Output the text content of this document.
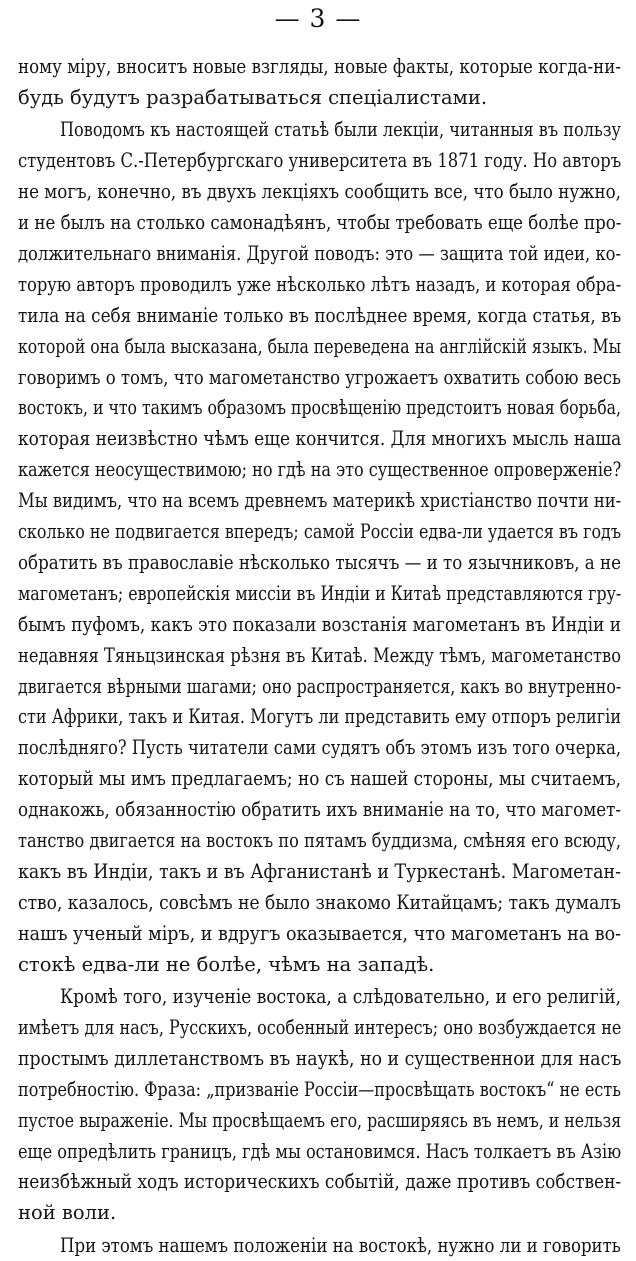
— 3 —
ному міру, вноситъ новые взгляды, новые факты, которые когда-ни-
будь будутъ разрабатываться спеціалистами.
Поводомъ къ настоящей статьѣ были лекціи, читанныя въ пользу
студентовъ С.-Петербургскаго университета въ 1871 году. Но авторъ
не могъ, конечно, въ двухъ лекціяхъ сообщить все, что было нужно,
и не былъ на столько самонадѣянъ, чтобы требовать еще болѣе про-
должительнаго вниманія. Другой поводъ: это — защита той идеи, ко-
торую авторъ проводилъ уже нѣсколько лѣтъ назадъ, и которая обра-
тила на себя вниманіе только въ послѣднее время, когда статья, въ
которой она была высказана, была переведена на англійскій языкъ. Мы
говоримъ о томъ, что магометанство угрожаетъ охватить собою весь
востокъ, и что такимъ образомъ просвѣщенію предстоитъ новая борьба,
которая неизвѣстно чѣмъ еще кончится. Для многихъ мысль наша
кажется неосуществимою; но гдѣ на это существенное опроверженіе?
Мы видимъ, что на всемъ древнемъ материкѣ христіанство почти ни-
сколько не подвигается впередъ; самой Россіи едва-ли удается въ годъ
обратить въ православіе нѣсколько тысячъ — и то язычниковъ, а не
магометанъ; европейскія миссіи въ Индіи и Китаѣ представляются гру-
бымъ пуфомъ, какъ это показали возстанія магометанъ въ Индіи и
недавняя Тяньцзинская рѣзня въ Китаѣ. Между тѣмъ, магометанство
двигается вѣрными шагами; оно распространяется, какъ во внутренно-
сти Африки, такъ и Китая. Могутъ ли представить ему отпоръ религіи
послѣдняго? Пусть читатели сами судятъ объ этомъ изъ того очерка,
который мы имъ предлагаемъ; но съ нашей стороны, мы считаемъ,
однакожь, обязанностію обратить ихъ вниманіе на то, что магомет-
танство двигается на востокъ по пятамъ буддизма, смѣняя его всюду,
какъ въ Индіи, такъ и въ Афганистанѣ и Туркестанѣ. Магометан-
ство, казалось, совсѣмъ не было знакомо Китайцамъ; такъ думалъ
нашъ ученый міръ, и вдругъ оказывается, что магометанъ на во-
стокѣ едва-ли не болѣе, чѣмъ на западѣ.
Кромѣ того, изученіе востока, а слѣдовательно, и его религій,
имѣетъ для насъ, Русскихъ, особенный интересъ; оно возбуждается не
простымъ диллетанствомъ въ наукѣ, но и существеннои для насъ
потребностію. Фраза: „призваніе Россіи—просвѣщать востокъ“ не есть
пустое выраженіе. Мы просвѣщаемъ его, расширяясь въ немъ, и нельзя
еще опредѣлить границъ, гдѣ мы остановимся. Насъ толкаетъ въ Азію
неизбѣжный ходъ историческихъ событій, даже противъ собствен-
ной воли.
При этомъ нашемъ положеніи на востокѣ, нужно ли и говорить
